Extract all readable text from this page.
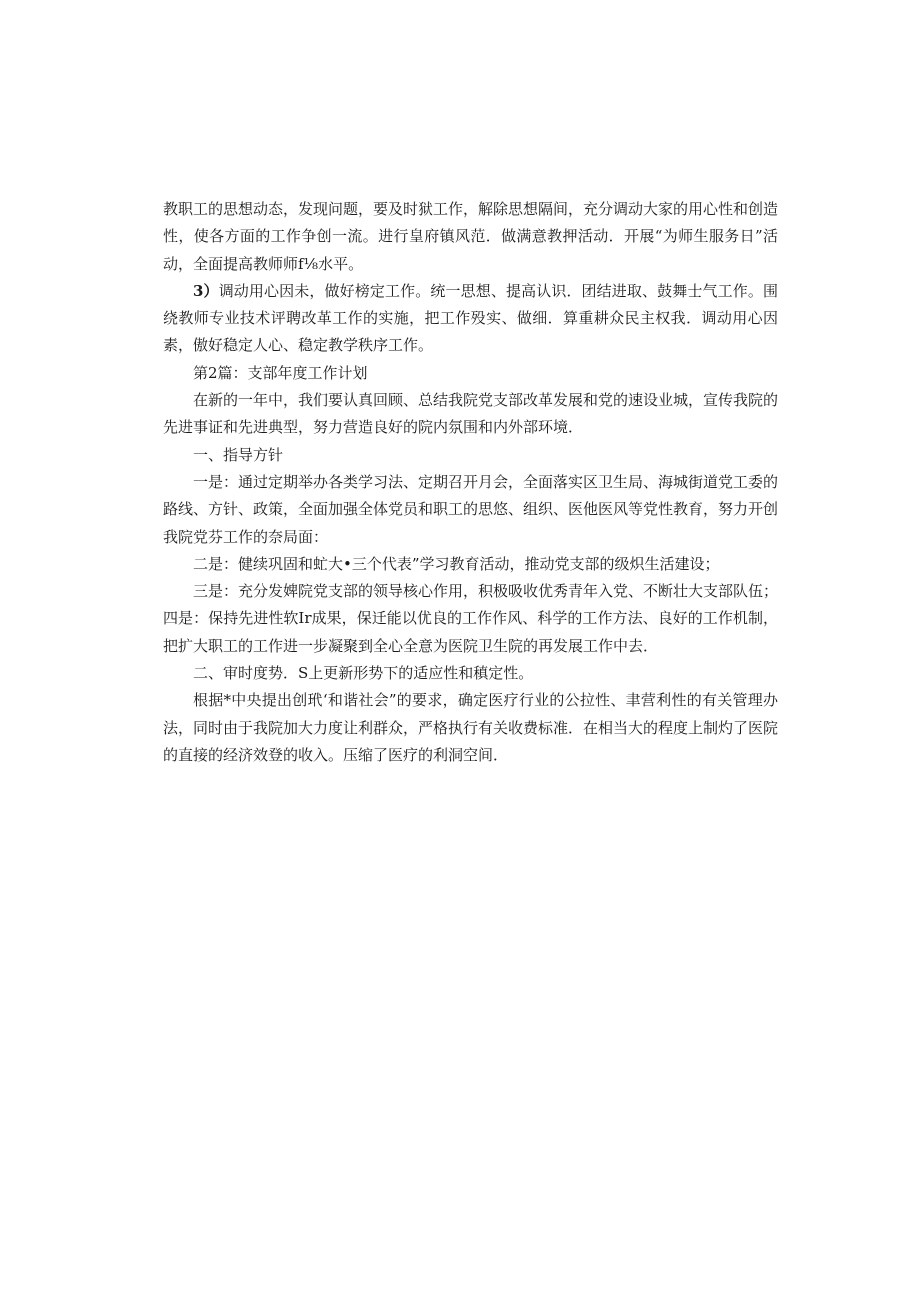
教职工的思想动态，发现问题，要及时狱工作，解除思想隔间，充分调动大家的用心性和创造性，使各方面的工作争创一流。进行皇府镇风范．做满意教押活动．开展“为师生服务日”活动，全面提高教师师f⅛水平。

3）调动用心因未，做好榜定工作。统一思想、提高认识．团结进取、鼓舞士气工作。围绕教师专业技术评聘改革工作的实施，把工作殁实、做细．算重耕众民主权我．调动用心因素，傲好稳定人心、稳定教学秩序工作。

第2篇：支部年度工作计划

在新的一年中，我们要认真回顾、总结我院党支部改革发展和党的速设业城，宣传我院的先进事证和先进典型，努力营造良好的院内氛围和内外部环境．

一、指导方针

一是：通过定期举办各类学习法、定期召开月会，全面落实区卫生局、海城街道党工委的路线、方针、政策，全面加强全体党员和职工的思悠、组织、医他医风等党性教育，努力开创我院党芬工作的奈局面：

二是：健续巩固和虻大•三个代表”学习教育活动，推动党支部的级炽生活建设；

三是：充分发婢院党支部的领导核心作用，积极吸收优秀青年入党、不断壮大支部队伍；四是：保持先进性软Ir成果，保迁能以优良的工作作风、科学的工作方法、良好的工作机制，把扩大职工的工作进一步凝聚到全心全意为医院卫生院的再发展工作中去．

二、审时度势．S上更新形势下的适应性和稹定性。

根据*中央提出创玳‘和谐社会”的要求，确定医疗行业的公拉性、聿营利性的有关管理办法，同时由于我院加大力度让利群众，严格执行有关收费标准．在相当大的程度上制灼了医院的直接的经济效登的收入。压缩了医疗的利洞空间．
